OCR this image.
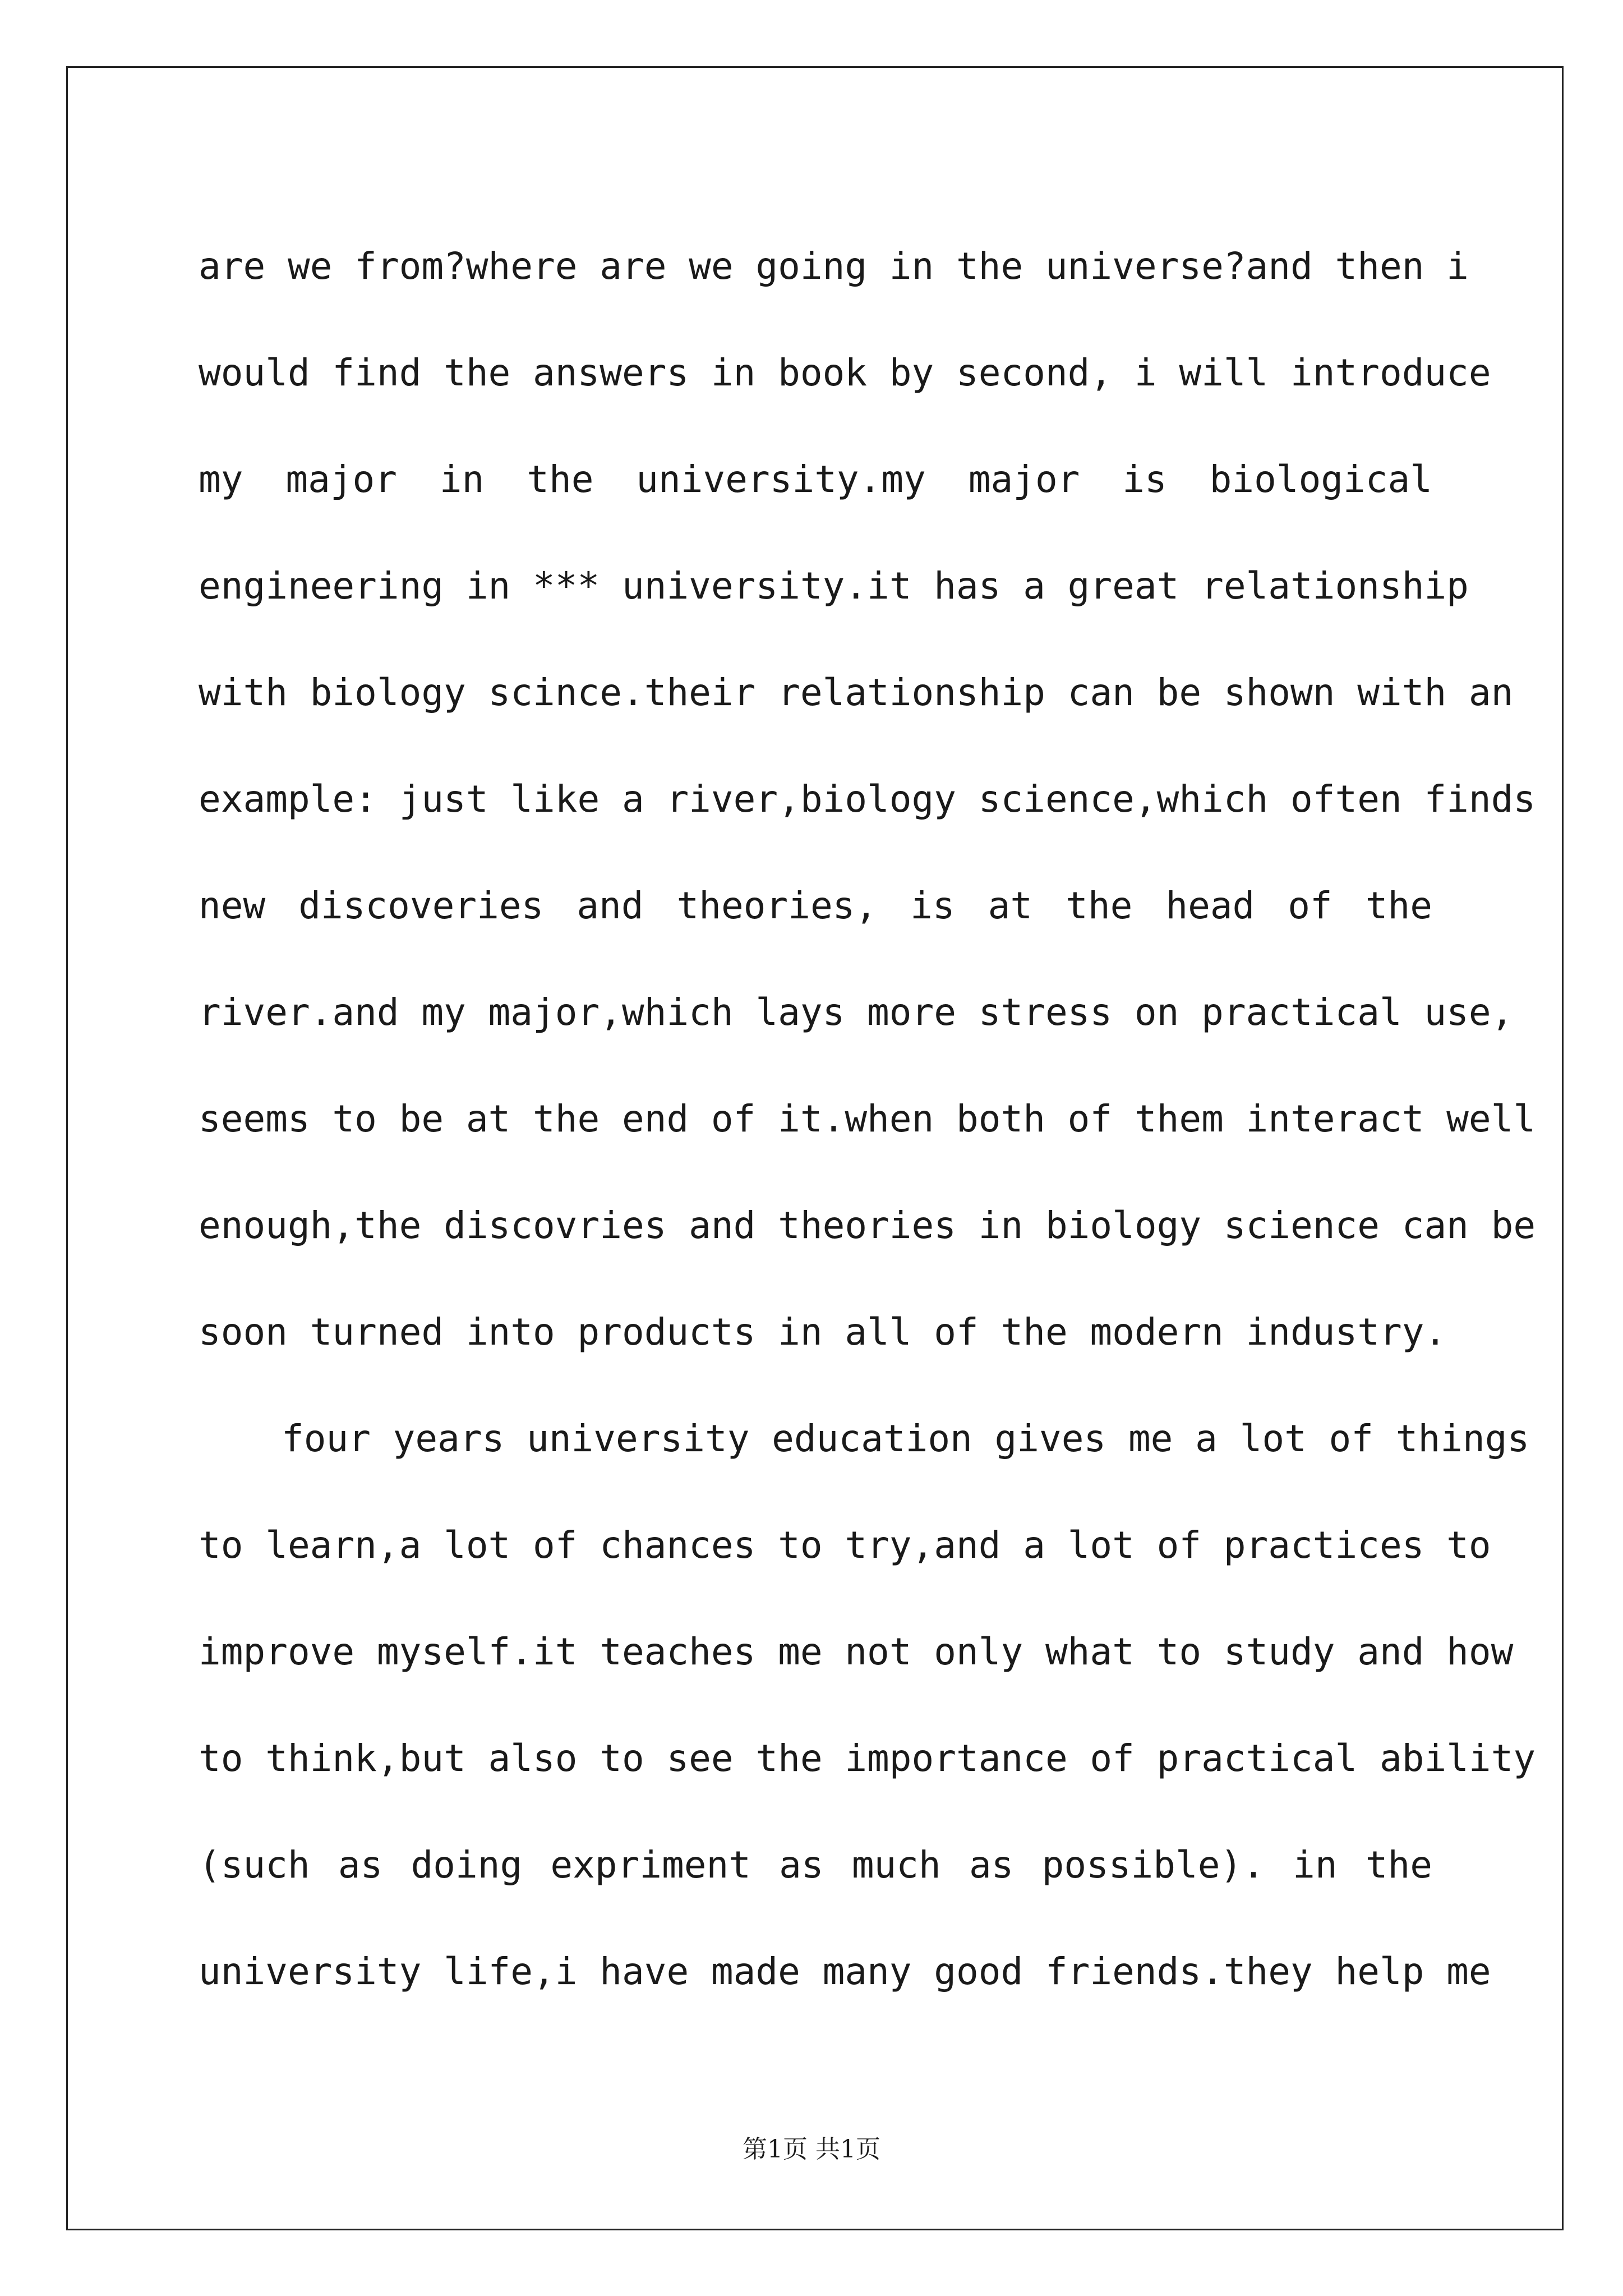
are we from?where are we going in the universe?and then i
would find the answers in book by second, i will introduce
my major in the university.my major is biological
engineering in *** university.it has a great relationship
with biology scince.their relationship can be shown with an
example: just like a river,biology science,which often finds
new discoveries and theories, is at the head of the
river.and my major,which lays more stress on practical use,
seems to be at the end of it.when both of them interact well
enough,the discovries and theories in biology science can be
soon turned into products in all of the modern industry.
four years university education gives me a lot of things
to learn,a lot of chances to try,and a lot of practices to
improve myself.it teaches me not only what to study and how
to think,but also to see the importance of practical ability
(such as doing expriment as much as possible). in the
university life,i have made many good friends.they help me
第1页 共1页
